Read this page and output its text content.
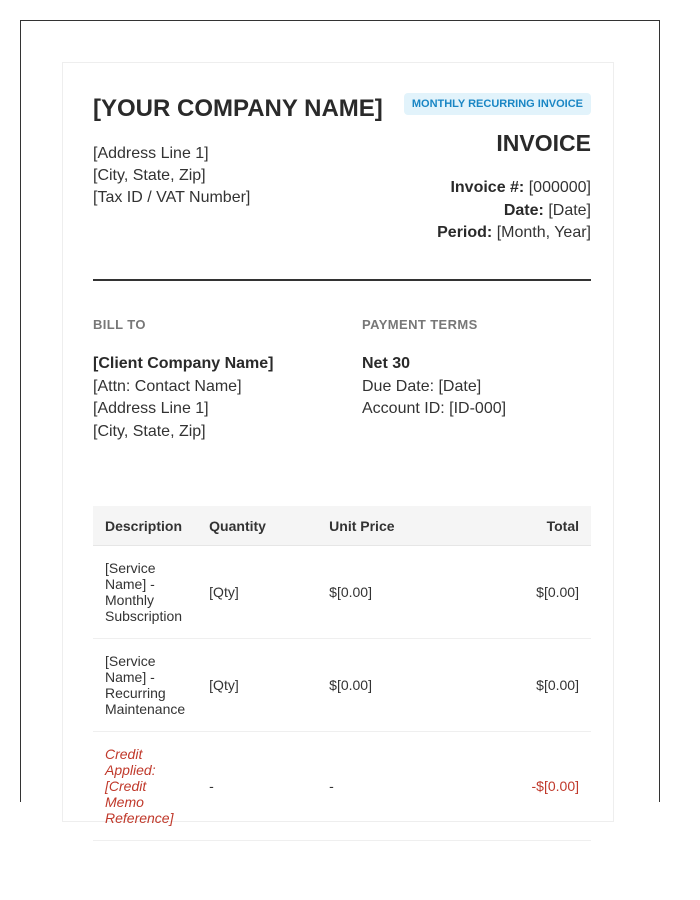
[YOUR COMPANY NAME]
[Address Line 1]
[City, State, Zip]
[Tax ID / VAT Number]
MONTHLY RECURRING INVOICE
INVOICE
Invoice #: [000000]
Date: [Date]
Period: [Month, Year]
BILL TO
[Client Company Name]
[Attn: Contact Name]
[Address Line 1]
[City, State, Zip]
PAYMENT TERMS
Net 30
Due Date: [Date]
Account ID: [ID-000]
Description	Quantity	Unit Price	Total
[Service Name] - Monthly Subscription	[Qty]	$[0.00]	$[0.00]
[Service Name] - Recurring Maintenance	[Qty]	$[0.00]	$[0.00]
Credit Applied: [Credit Memo Reference]	-	-	-$[0.00]
